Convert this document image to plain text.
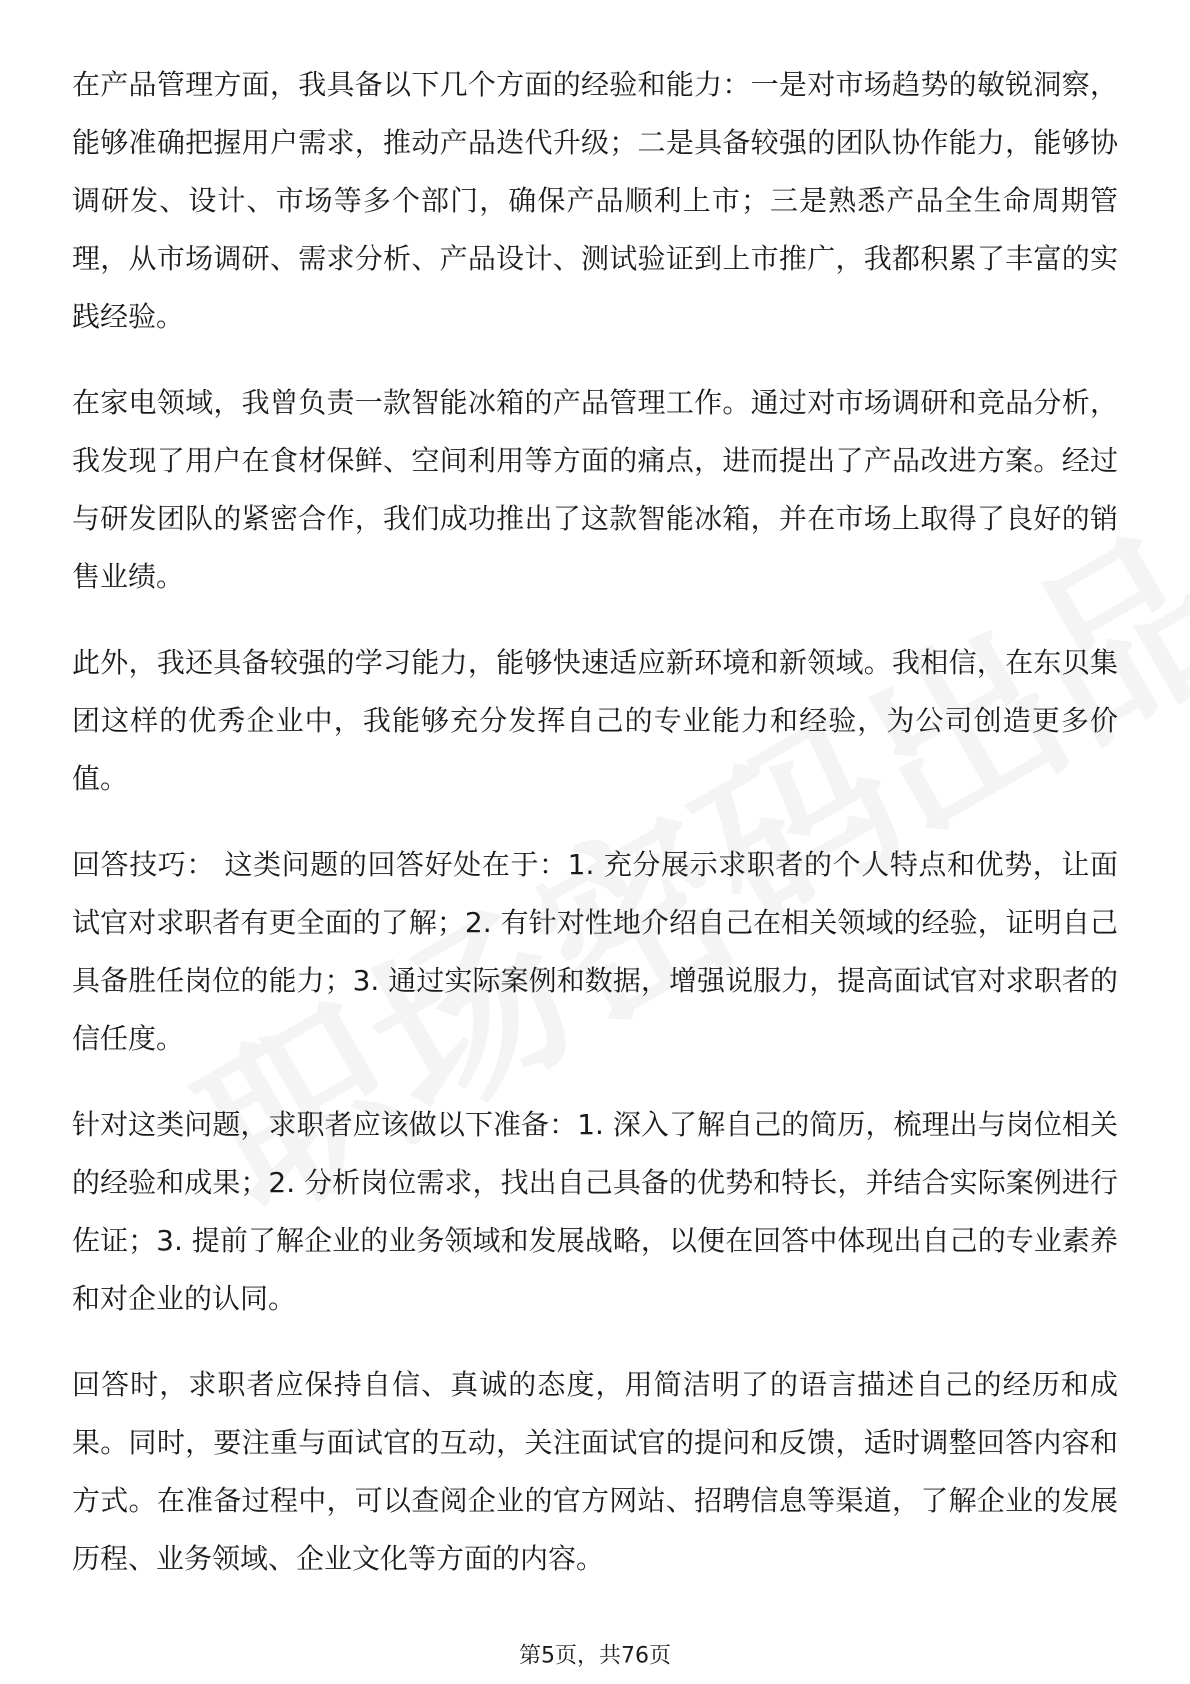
在产品管理方面，我具备以下几个方面的经验和能力：一是对市场趋势的敏锐洞察，能够准确把握用户需求，推动产品迭代升级；二是具备较强的团队协作能力，能够协调研发、设计、市场等多个部门，确保产品顺利上市；三是熟悉产品全生命周期管理，从市场调研、需求分析、产品设计、测试验证到上市推广，我都积累了丰富的实践经验。

在家电领域，我曾负责一款智能冰箱的产品管理工作。通过对市场调研和竞品分析，我发现了用户在食材保鲜、空间利用等方面的痛点，进而提出了产品改进方案。经过与研发团队的紧密合作，我们成功推出了这款智能冰箱，并在市场上取得了良好的销售业绩。

此外，我还具备较强的学习能力，能够快速适应新环境和新领域。我相信，在东贝集团这样的优秀企业中，我能够充分发挥自己的专业能力和经验，为公司创造更多价值。

回答技巧： 这类问题的回答好处在于：1. 充分展示求职者的个人特点和优势，让面试官对求职者有更全面的了解；2. 有针对性地介绍自己在相关领域的经验，证明自己具备胜任岗位的能力；3. 通过实际案例和数据，增强说服力，提高面试官对求职者的信任度。

针对这类问题，求职者应该做以下准备：1. 深入了解自己的简历，梳理出与岗位相关的经验和成果；2. 分析岗位需求，找出自己具备的优势和特长，并结合实际案例进行佐证；3. 提前了解企业的业务领域和发展战略，以便在回答中体现出自己的专业素养和对企业的认同。

回答时，求职者应保持自信、真诚的态度，用简洁明了的语言描述自己的经历和成果。同时，要注重与面试官的互动，关注面试官的提问和反馈，适时调整回答内容和方式。在准备过程中，可以查阅企业的官方网站、招聘信息等渠道，了解企业的发展历程、业务领域、企业文化等方面的内容。

第5页，共76页
